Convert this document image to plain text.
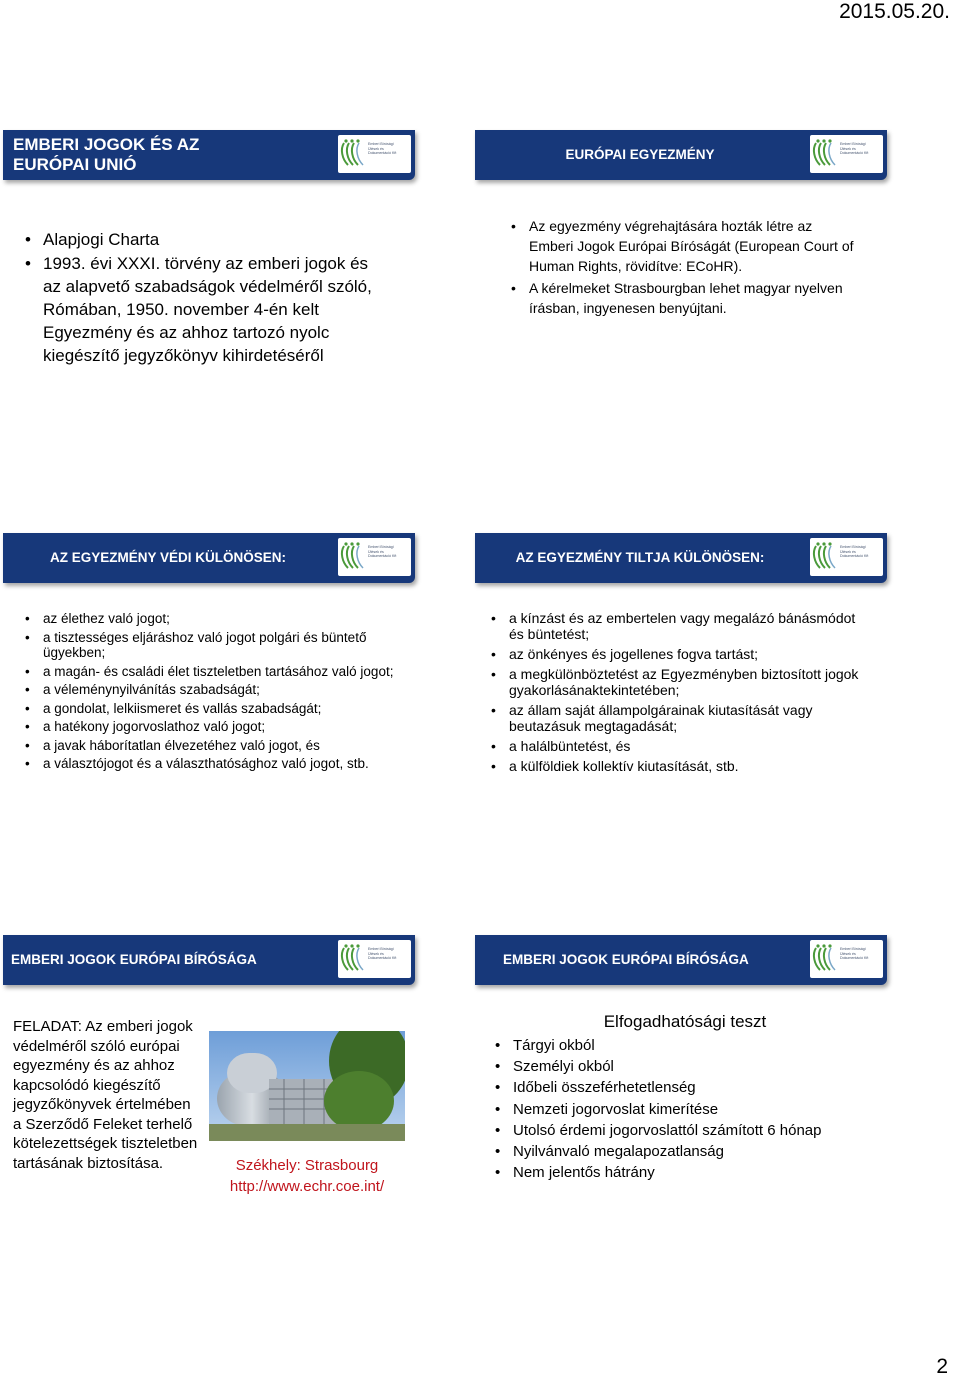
2015.05.20.
EMBERI JOGOK ÉS AZ
EURÓPAI UNIÓ
Emberi Bírósági
Ülések és
Dokumentáció Kft
• Alapjogi Charta
• 1993. évi XXXI. törvény az emberi jogok és az alapvető szabadságok védelméről szóló, Rómában, 1950. november 4-én kelt Egyezmény és az ahhoz tartozó nyolc kiegészítő jegyzőkönyv kihirdetéséről
EURÓPAI EGYEZMÉNY
Emberi Bírósági
Ülések és
Dokumentáció Kft
• Az egyezmény végrehajtására hozták létre az Emberi Jogok Európai Bíróságát (European Court of Human Rights, rövidítve: ECoHR).
• A kérelmeket Strasbourgban lehet magyar nyelven írásban, ingyenesen benyújtani.
AZ EGYEZMÉNY VÉDI KÜLÖNÖSEN:
Emberi Bírósági
Ülések és
Dokumentáció Kft
• az élethez való jogot;
• a tisztességes eljáráshoz való jogot polgári és büntető ügyekben;
• a magán- és családi élet tiszteletben tartásához való jogot;
• a véleménynyilvánítás szabadságát;
• a gondolat, lelkiismeret és vallás szabadságát;
• a hatékony jogorvoslathoz való jogot;
• a javak háborítatlan élvezetéhez való jogot, és
• a választójogot és a választhatósághoz való jogot, stb.
AZ EGYEZMÉNY TILTJA KÜLÖNÖSEN:
Emberi Bírósági
Ülések és
Dokumentáció Kft
• a kínzást és az embertelen vagy megalázó bánásmódot és büntetést;
• az önkényes és jogellenes fogva tartást;
• a megkülönböztetést az Egyezményben biztosított jogok gyakorlásánaktekintetében;
• az állam saját állampolgárainak kiutasítását vagy beutazásuk megtagadását;
• a halálbüntetést, és
• a külföldiek kollektív kiutasítását, stb.
EMBERI JOGOK EURÓPAI BÍRÓSÁGA
Emberi Bírósági
Ülések és
Dokumentáció Kft
FELADAT: Az emberi jogok védelméről szóló európai egyezmény és az ahhoz kapcsolódó kiegészítő jegyzőkönyvek értelmében a Szerződő Feleket terhelő kötelezettségek tiszteletben tartásának biztosítása.	Székhely: Strasbourg
http://www.echr.coe.int/
EMBERI JOGOK EURÓPAI BÍRÓSÁGA
Emberi Bírósági
Ülések és
Dokumentáció Kft
Elfogadhatósági teszt
• Tárgyi okból
• Személyi okból
• Időbeli összeférhetetlenség
• Nemzeti jogorvoslat kimerítése
• Utolsó érdemi jogorvoslattól számított 6 hónap
• Nyilvánvaló megalapozatlanság
• Nem jelentős hátrány
2
